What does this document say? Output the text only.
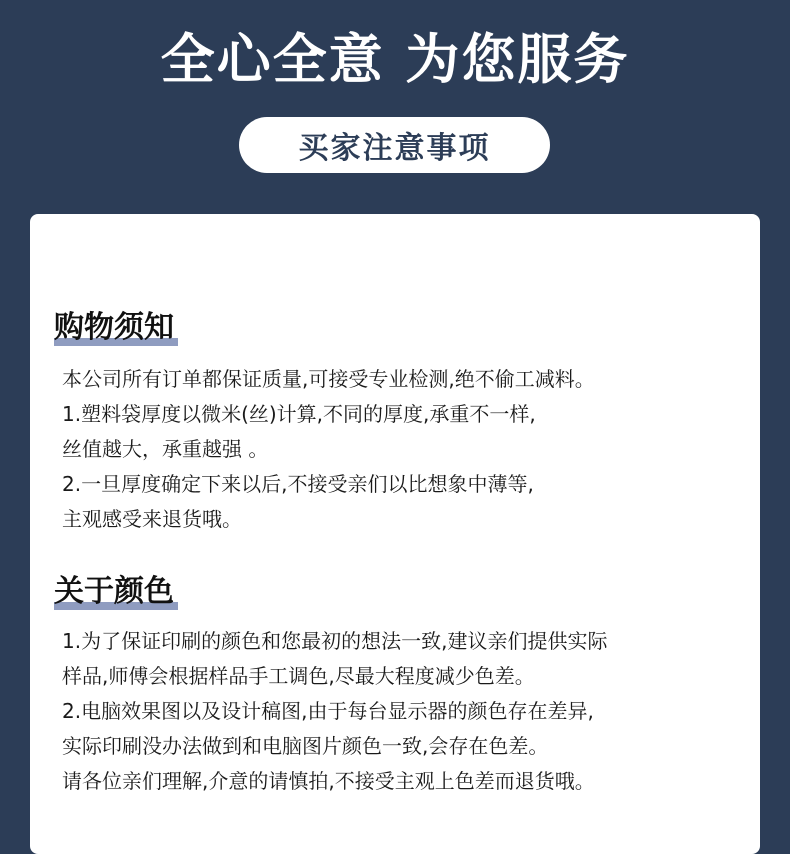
全心全意 为您服务
买家注意事项
购物须知
本公司所有订单都保证质量,可接受专业检测,绝不偷工减料。
1.塑料袋厚度以微米(丝)计算,不同的厚度,承重不一样,
丝值越大，承重越强 。
2.一旦厚度确定下来以后,不接受亲们以比想象中薄等,
主观感受来退货哦。
关于颜色
1.为了保证印刷的颜色和您最初的想法一致,建议亲们提供实际
样品,师傅会根据样品手工调色,尽最大程度减少色差。
2.电脑效果图以及设计稿图,由于每台显示器的颜色存在差异,
实际印刷没办法做到和电脑图片颜色一致,会存在色差。
请各位亲们理解,介意的请慎拍,不接受主观上色差而退货哦。
